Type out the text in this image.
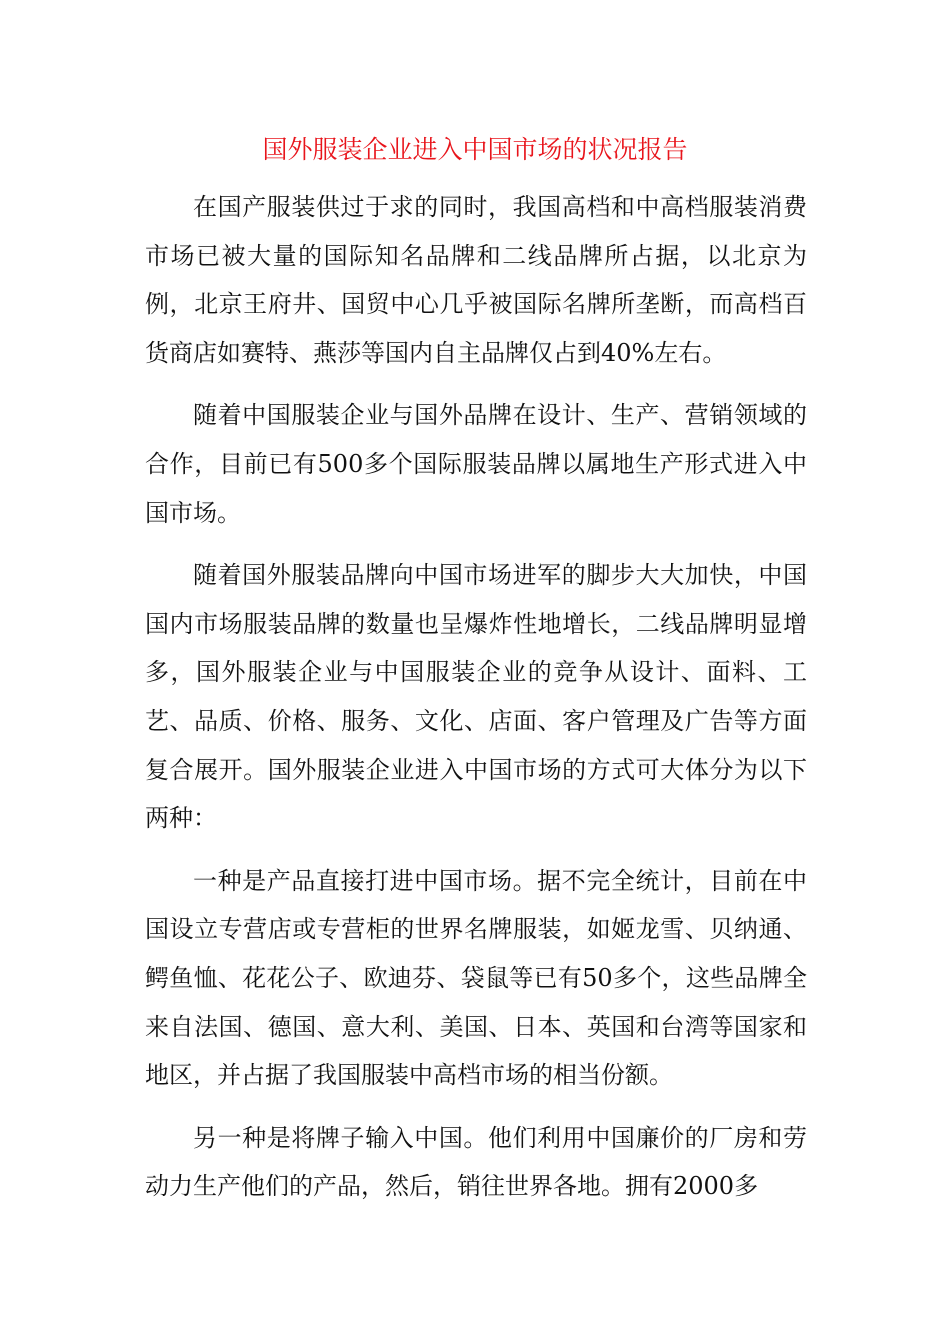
国外服装企业进入中国市场的状况报告

在国产服装供过于求的同时，我国高档和中高档服装消费市场已被大量的国际知名品牌和二线品牌所占据，以北京为例，北京王府井、国贸中心几乎被国际名牌所垄断，而高档百货商店如赛特、燕莎等国内自主品牌仅占到40%左右。

随着中国服装企业与国外品牌在设计、生产、营销领域的合作，目前已有500多个国际服装品牌以属地生产形式进入中国市场。

随着国外服装品牌向中国市场进军的脚步大大加快，中国国内市场服装品牌的数量也呈爆炸性地增长，二线品牌明显增多，国外服装企业与中国服装企业的竞争从设计、面料、工艺、品质、价格、服务、文化、店面、客户管理及广告等方面复合展开。国外服装企业进入中国市场的方式可大体分为以下两种：

一种是产品直接打进中国市场。据不完全统计，目前在中国设立专营店或专营柜的世界名牌服装，如姬龙雪、贝纳通、鳄鱼恤、花花公子、欧迪芬、袋鼠等已有50多个，这些品牌全来自法国、德国、意大利、美国、日本、英国和台湾等国家和地区，并占据了我国服装中高档市场的相当份额。

另一种是将牌子输入中国。他们利用中国廉价的厂房和劳动力生产他们的产品，然后，销往世界各地。拥有2000多
